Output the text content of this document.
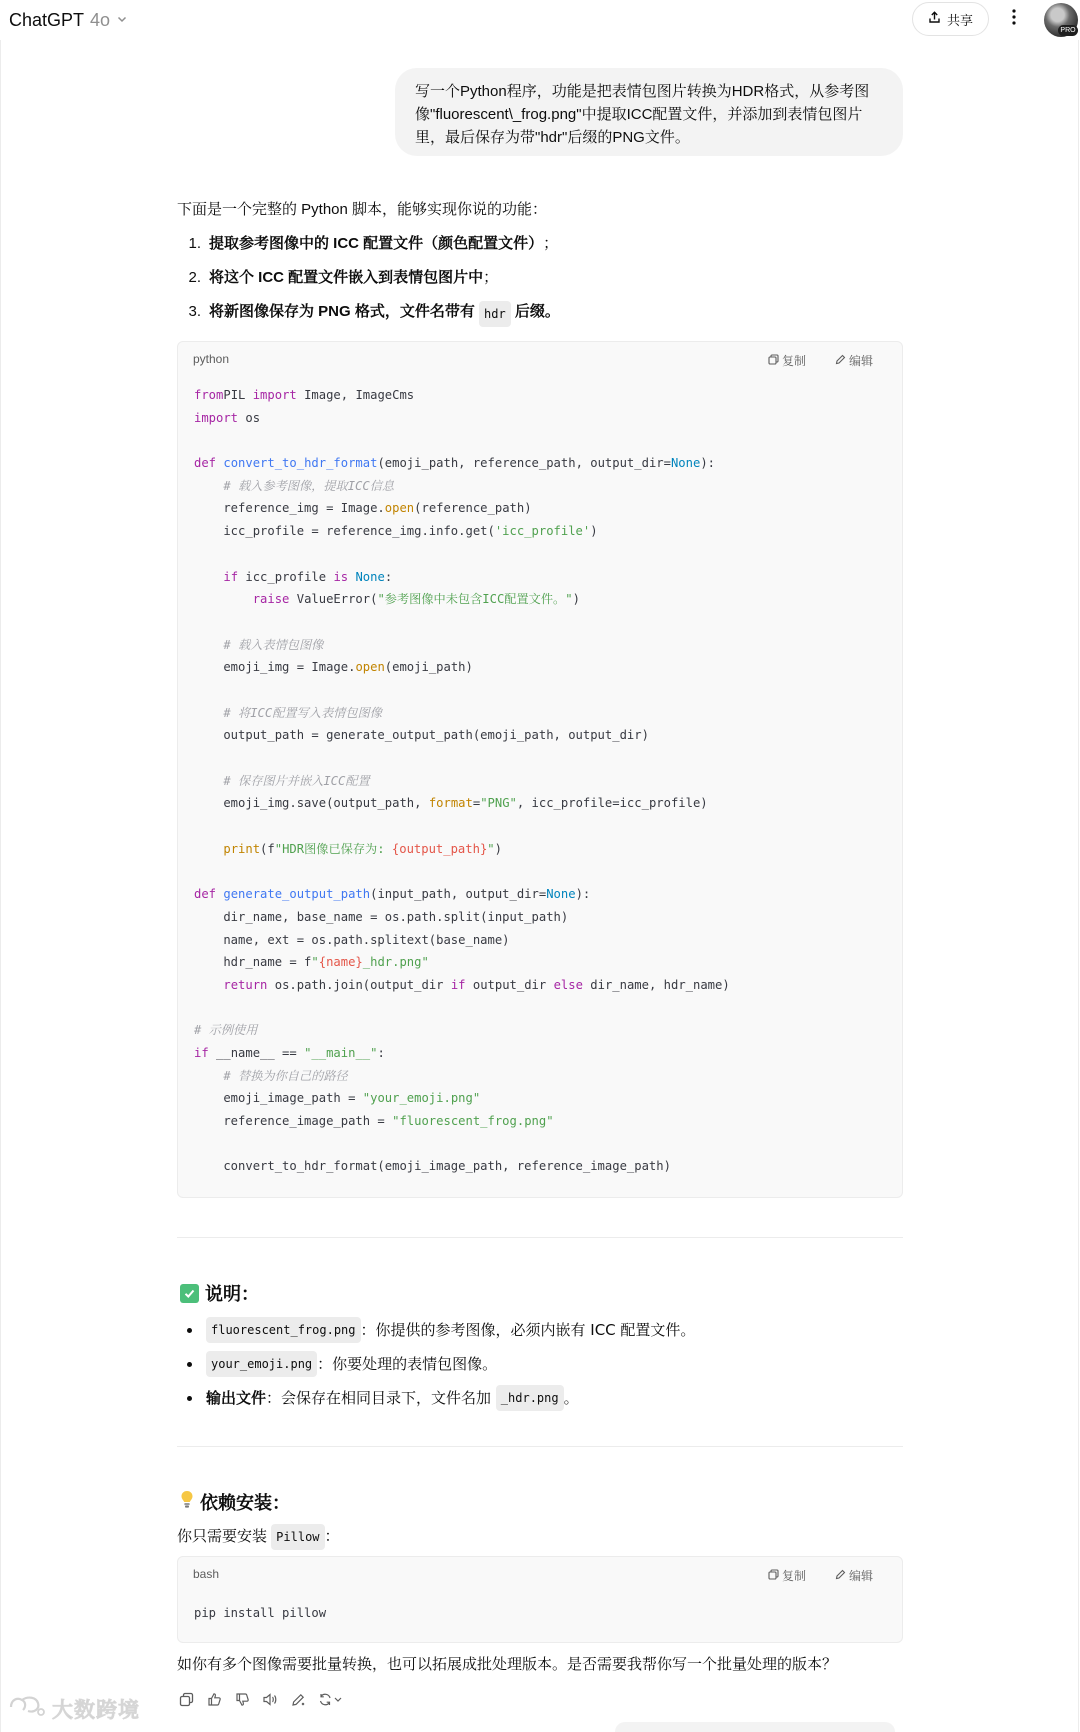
ChatGPT 4o	共享
PRO
写一个Python程序，功能是把表情包图片转换为HDR格式，从参考图像"fluorescent\_frog.png"中提取ICC配置文件，并添加到表情包图片里，最后保存为带"hdr"后缀的PNG文件。
下面是一个完整的 Python 脚本，能够实现你说的功能：
1. 提取参考图像中的 ICC 配置文件（颜色配置文件） ；
2. 将这个 ICC 配置文件嵌入到表情包图片中 ；
3. 将新图像保存为 PNG 格式，文件名带有 hdr 后缀。
python	复制	编辑
fromPIL import Image, ImageCms
import os

def convert_to_hdr_format(emoji_path, reference_path, output_dir=None):
# 载入参考图像，提取ICC信息
reference_img = Image.open(reference_path)
icc_profile = reference_img.info.get('icc_profile')

if icc_profile is None:
raise ValueError("参考图像中未包含ICC配置文件。")

# 载入表情包图像
emoji_img = Image.open(emoji_path)

# 将ICC配置写入表情包图像
output_path = generate_output_path(emoji_path, output_dir)

# 保存图片并嵌入ICC配置
emoji_img.save(output_path, format="PNG", icc_profile=icc_profile)

print(f"HDR图像已保存为: {output_path}")

def generate_output_path(input_path, output_dir=None):
dir_name, base_name = os.path.split(input_path)
name, ext = os.path.splitext(base_name)
hdr_name = f"{name}_hdr.png"
return os.path.join(output_dir if output_dir else dir_name, hdr_name)

# 示例使用
if __name__ == "__main__":
# 替换为你自己的路径
emoji_image_path = "your_emoji.png"
reference_image_path = "fluorescent_frog.png"

convert_to_hdr_format(emoji_image_path, reference_image_path)
说明：
fluorescent_frog.png ：你提供的参考图像，必须内嵌有 ICC 配置文件。
your_emoji.png ：你要处理的表情包图像。
输出文件 ：会保存在相同目录下，文件名加 _hdr.png 。
依赖安装：
你只需要安装 Pillow ：
bash	复制	编辑
pip install pillow
如你有多个图像需要批量转换，也可以拓展成批处理版本。是否需要我帮你写一个批量处理的版本？
大数跨境
